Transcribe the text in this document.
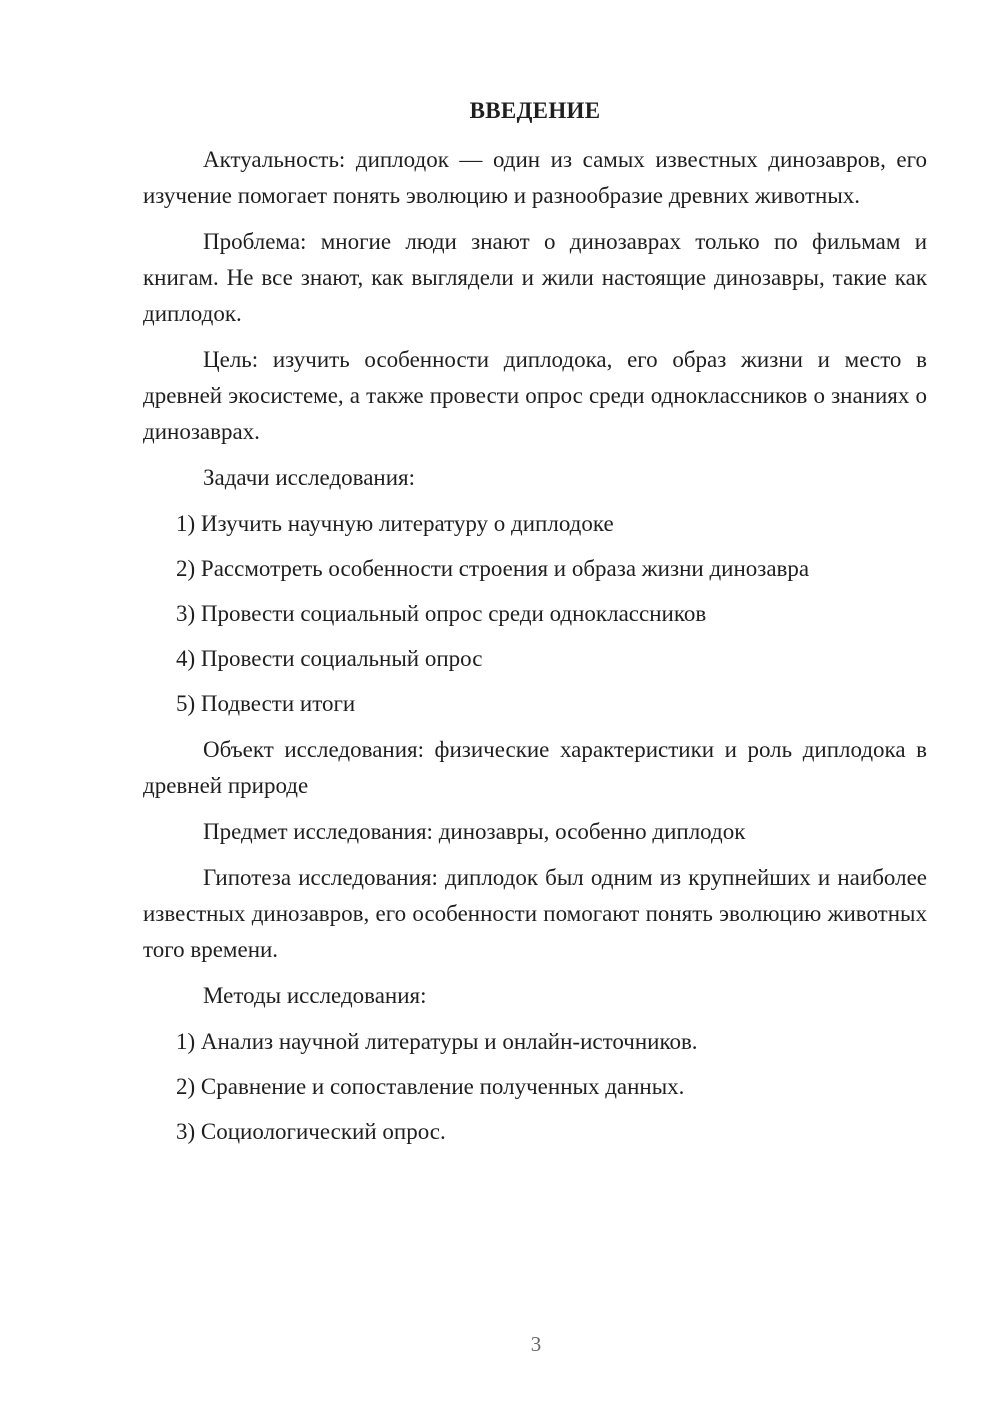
ВВЕДЕНИЕ

Актуальность: диплодок — один из самых известных динозавров, его изучение помогает понять эволюцию и разнообразие древних животных.

Проблема: многие люди знают о динозаврах только по фильмам и книгам. Не все знают, как выглядели и жили настоящие динозавры, такие как диплодок.

Цель: изучить особенности диплодока, его образ жизни и место в древней экосистеме, а также провести опрос среди одноклассников о знаниях о динозаврах.

Задачи исследования:

1) Изучить научную литературу о диплодоке
2) Рассмотреть особенности строения и образа жизни динозавра
3) Провести социальный опрос среди одноклассников
4) Провести социальный опрос
5) Подвести итоги

Объект исследования: физические характеристики и роль диплодока в древней природе

Предмет исследования: динозавры, особенно диплодок

Гипотеза исследования: диплодок был одним из крупнейших и наиболее известных динозавров, его особенности помогают понять эволюцию животных того времени.

Методы исследования:

1) Анализ научной литературы и онлайн-источников.
2) Сравнение и сопоставление полученных данных.
3) Социологический опрос.
3
